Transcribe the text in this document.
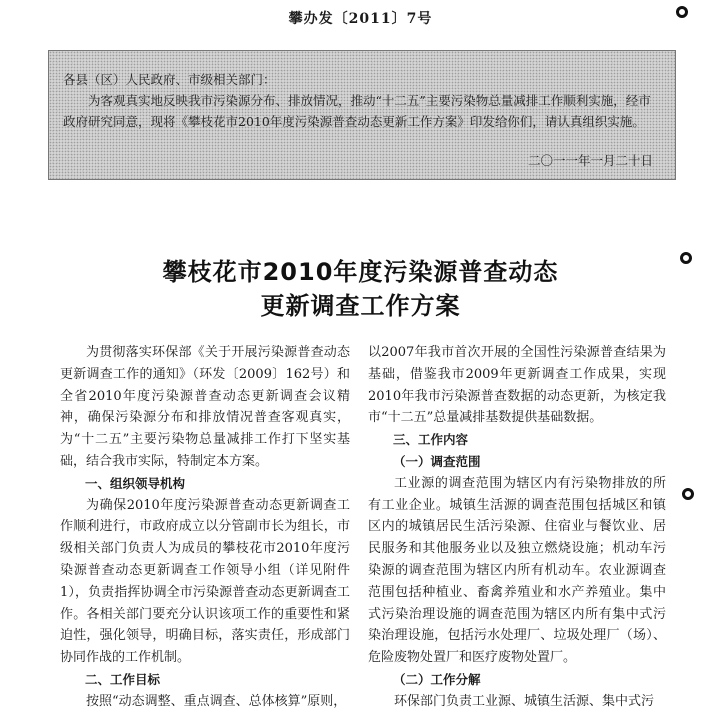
攀办发〔2011〕7号
各县（区）人民政府、市级相关部门：
为客观真实地反映我市污染源分布、排放情况，推动“十二五”主要污染物总量减排工作顺利实施，经市政府研究同意，现将《攀枝花市2010年度污染源普查动态更新工作方案》印发给你们，请认真组织实施。
二〇一一年一月二十日
攀枝花市2010年度污染源普查动态
更新调查工作方案

为贯彻落实环保部《关于开展污染源普查动态更新调查工作的通知》（环发〔2009〕162号）和全省2010年度污染源普查动态更新调查会议精神，确保污染源分布和排放情况普查客观真实，为“十二五”主要污染物总量减排工作打下坚实基础，结合我市实际，特制定本方案。

一、组织领导机构

为确保2010年度污染源普查动态更新调查工作顺利进行，市政府成立以分管副市长为组长，市级相关部门负责人为成员的攀枝花市2010年度污染源普查动态更新调查工作领导小组（详见附件1），负责指挥协调全市污染源普查动态更新调查工作。各相关部门要充分认识该项工作的重要性和紧迫性，强化领导，明确目标，落实责任，形成部门协同作战的工作机制。

二、工作目标

按照“动态调整、重点调查、总体核算”原则，

以2007年我市首次开展的全国性污染源普查结果为基础，借鉴我市2009年更新调查工作成果，实现2010年我市污染源普查数据的动态更新，为核定我市“十二五”总量减排基数提供基础数据。

三、工作内容

（一）调查范围

工业源的调查范围为辖区内有污染物排放的所有工业企业。城镇生活源的调查范围包括城区和镇区内的城镇居民生活污染源、住宿业与餐饮业、居民服务和其他服务业以及独立燃烧设施；机动车污染源的调查范围为辖区内所有机动车。农业源调查范围包括种植业、畜禽养殖业和水产养殖业。集中式污染治理设施的调查范围为辖区内所有集中式污染治理设施，包括污水处理厂、垃圾处理厂（场）、危险废物处置厂和医疗废物处置厂。

（二）工作分解

环保部门负责工业源、城镇生活源、集中式污
